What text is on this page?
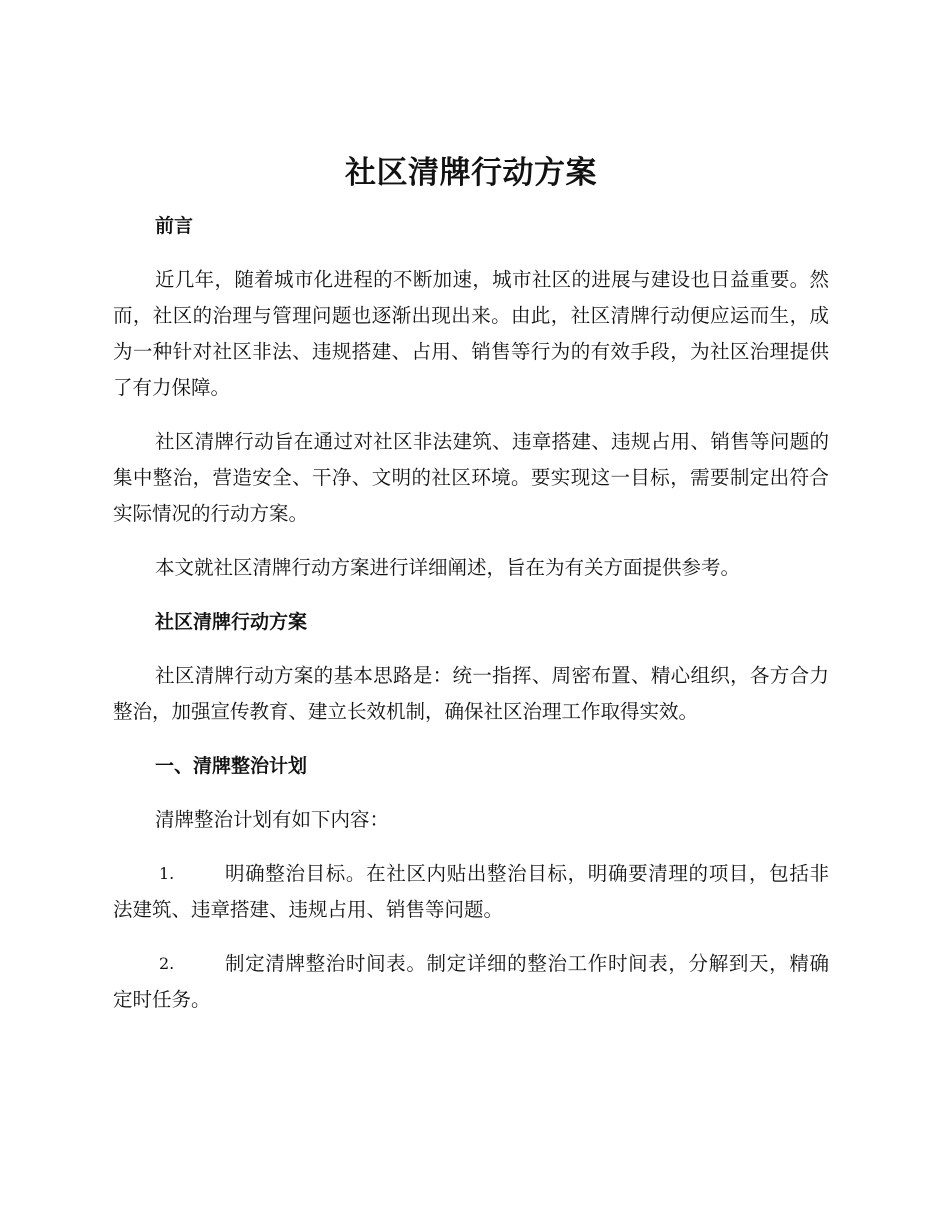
社区清牌行动方案

前言

近几年，随着城市化进程的不断加速，城市社区的进展与建设也日益重要。然而，社区的治理与管理问题也逐渐出现出来。由此，社区清牌行动便应运而生，成为一种针对社区非法、违规搭建、占用、销售等行为的有效手段，为社区治理提供了有力保障。

社区清牌行动旨在通过对社区非法建筑、违章搭建、违规占用、销售等问题的集中整治，营造安全、干净、文明的社区环境。要实现这一目标，需要制定出符合实际情况的行动方案。

本文就社区清牌行动方案进行详细阐述，旨在为有关方面提供参考。

社区清牌行动方案

社区清牌行动方案的基本思路是：统一指挥、周密布置、精心组织，各方合力整治，加强宣传教育、建立长效机制，确保社区治理工作取得实效。

一、清牌整治计划

清牌整治计划有如下内容：

1.	明确整治目标。在社区内贴出整治目标，明确要清理的项目，包括非法建筑、违章搭建、违规占用、销售等问题。

2.	制定清牌整治时间表。制定详细的整治工作时间表，分解到天，精确定时任务。
